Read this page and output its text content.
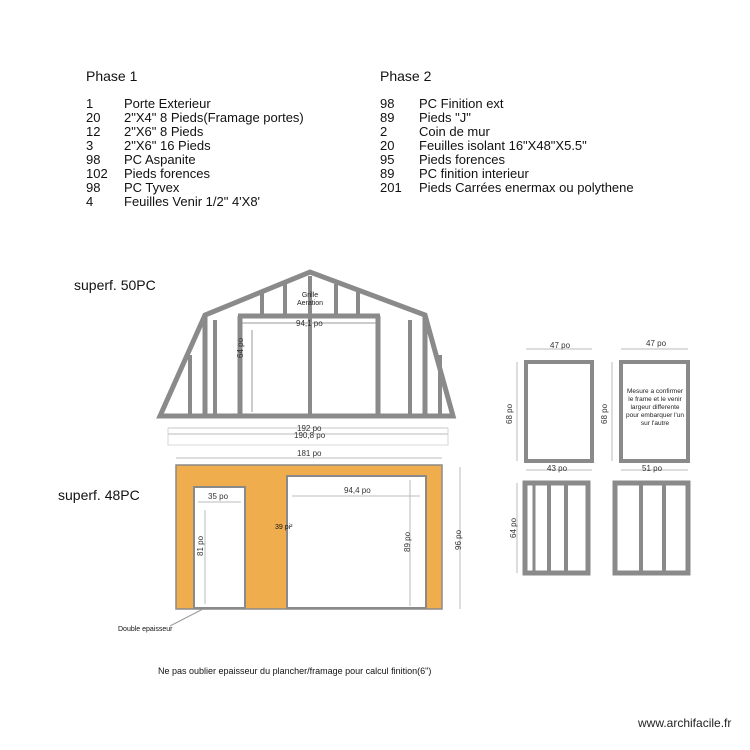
Phase 1	Phase 2
1 Porte Exterieur
20 2"X4" 8 Pieds(Framage portes)
12 2"X6" 8 Pieds
3 2"X6" 16 Pieds
98 PC Aspanite
102 Pieds forences
98 PC Tyvex
4 Feuilles Venir 1/2" 4'X8'
98 PC Finition ext
89 Pieds "J"
2 Coin de mur
20 Feuilles isolant 16"X48"X5.5"
95 Pieds forences
89 PC finition interieur
201 Pieds Carrées enermax ou polythene
superf. 50PC
Grille Aeration
94,1 po
64 po
192 po
190,8 po
superf. 48PC
181 po
35 po
81 po
94,4 po
89 po	96 po
39 pi²
Double epaisseur
47 po
68 po
43 po
47 po
68 po
51 po
Mesure a confirmer le frame et le venir largeur differente pour embarquer l'un sur l'autre
64 po
Ne pas oublier epaisseur du plancher/framage pour calcul finition(6")
www.archifacile.fr
